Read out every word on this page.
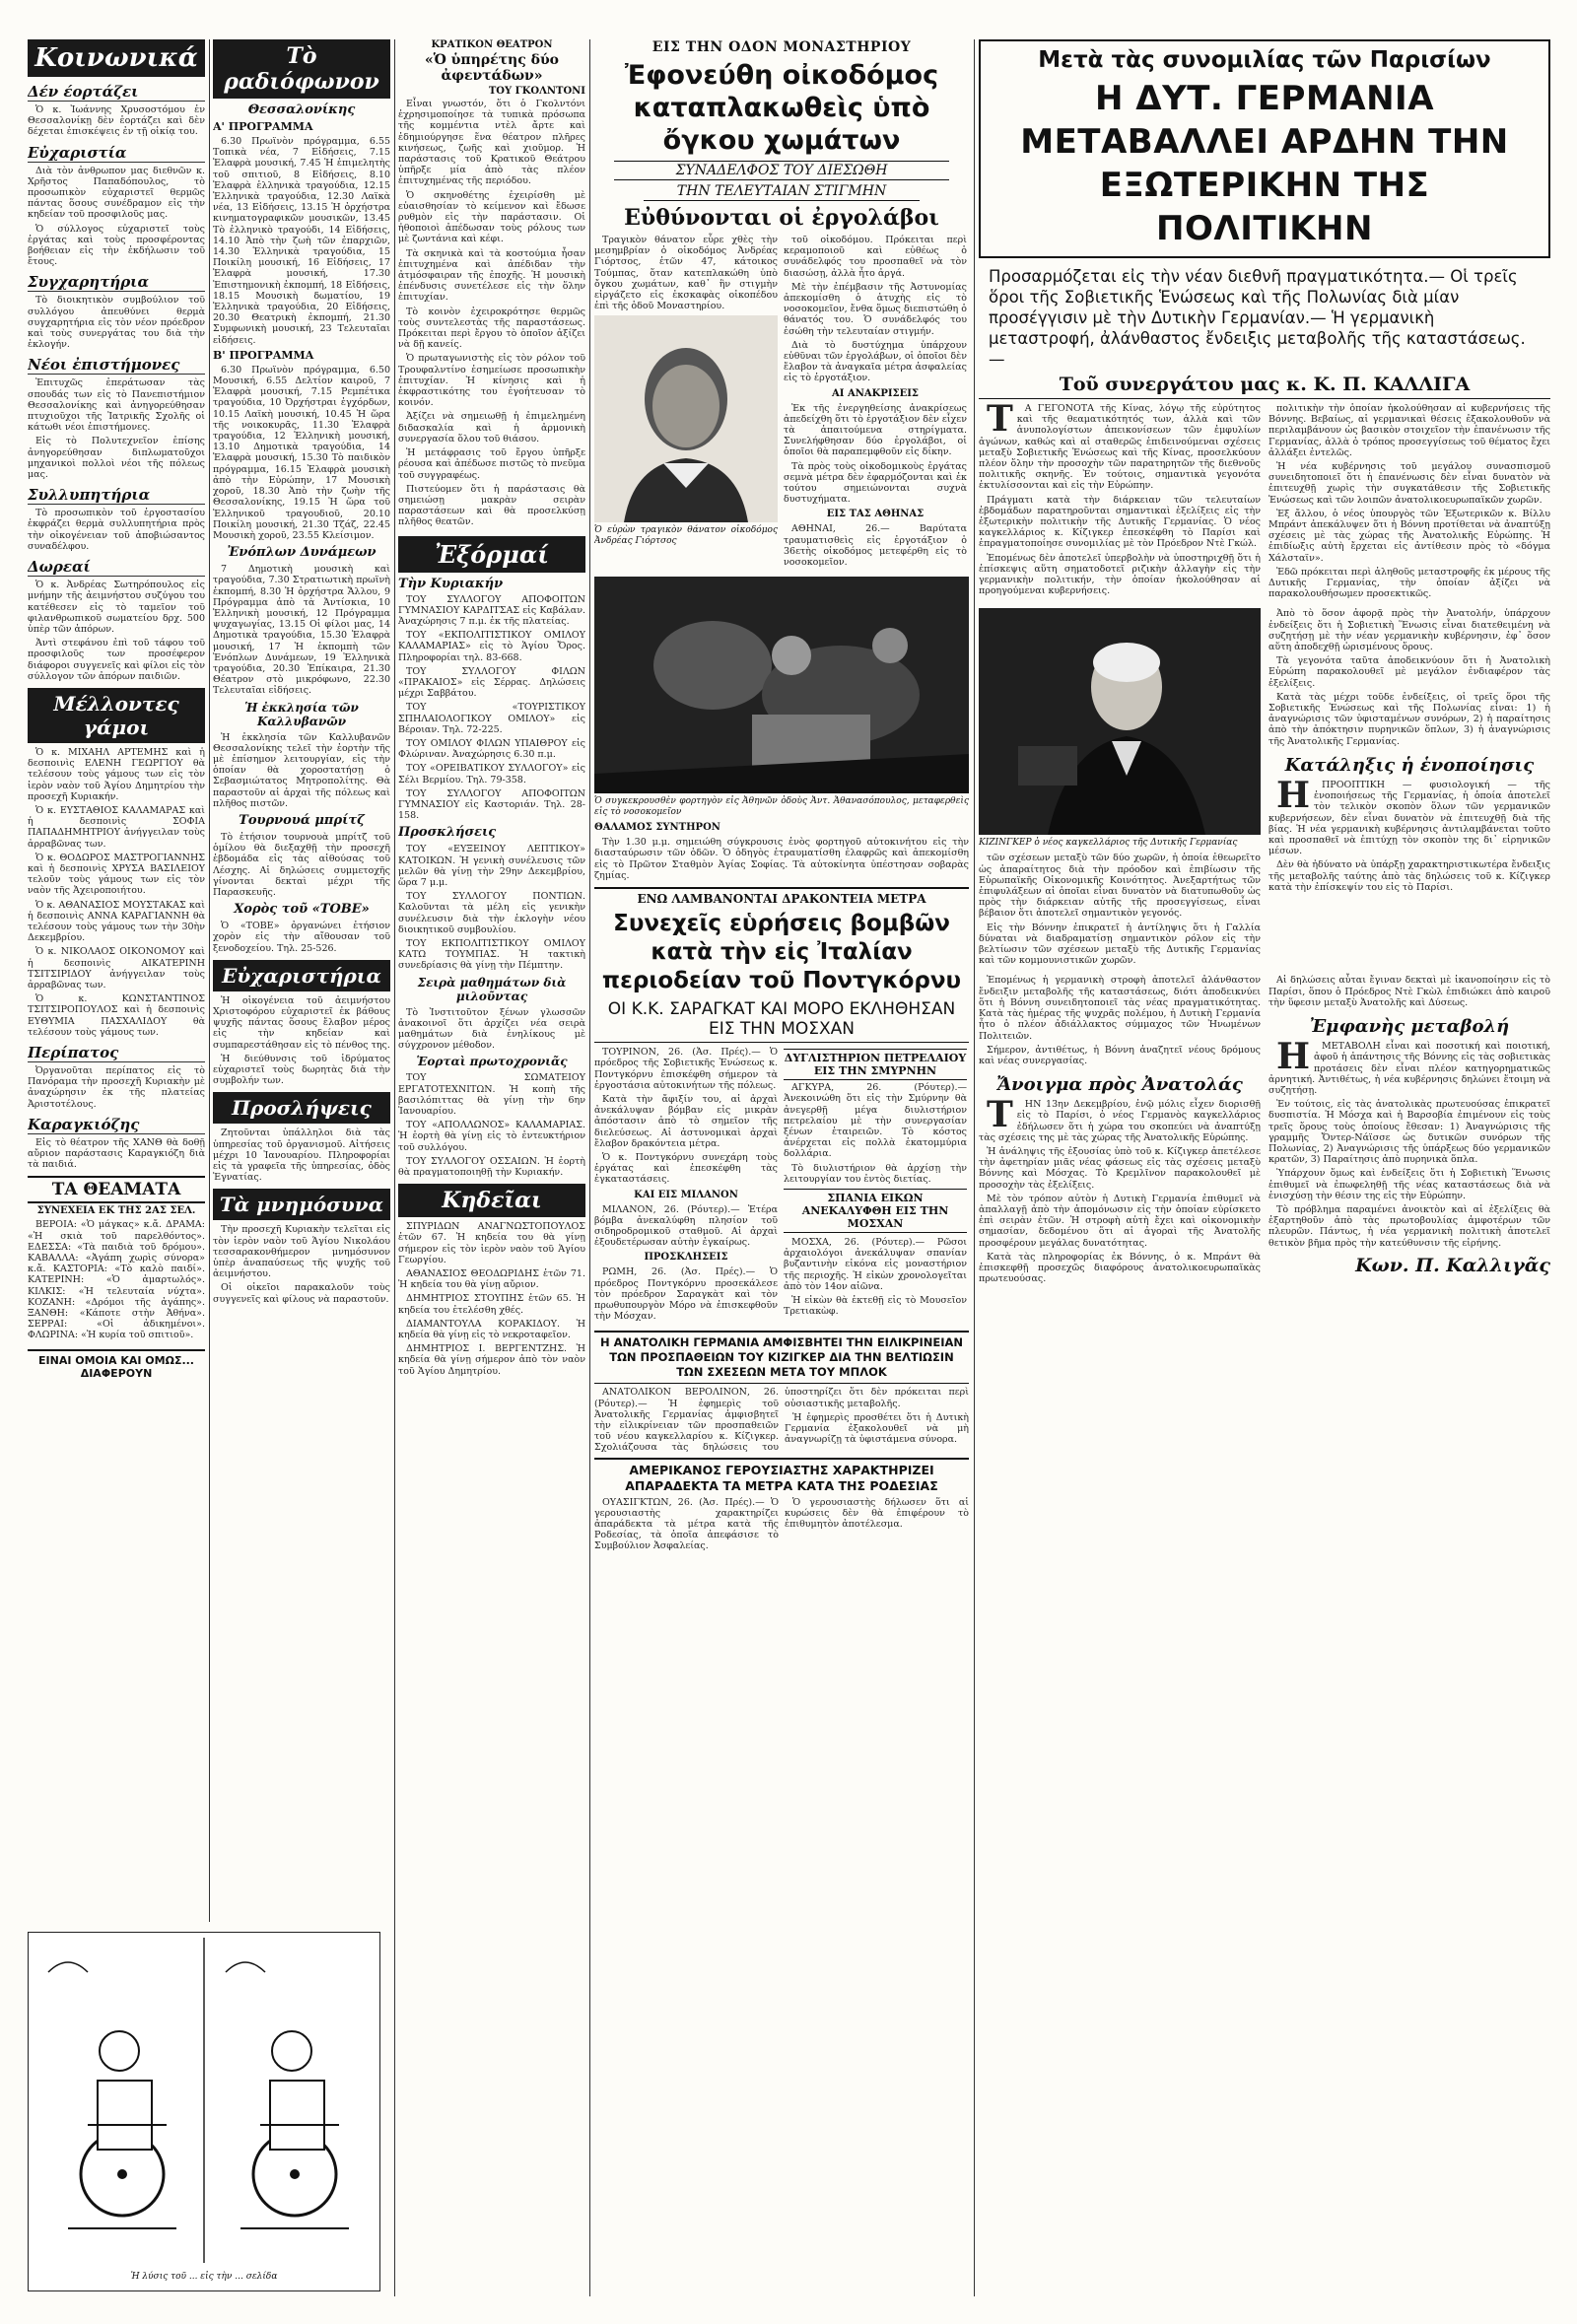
Κοινωνικά
Δέν έορτάζει

Ὁ κ. Ἰωάννης Χρυσοστόμου ἐν Θεσσαλονίκῃ δὲν ἑορτάζει καὶ δὲν δέχεται ἐπισκέψεις ἐν τῇ οἰκίᾳ του.

Εὐχαριστία

Διὰ τὸν ἀνθρωπον μας διεθνῶν κ. Χρῆστος Παπαδόπουλος, τὸ προσωπικὸν εὐχαριστεῖ θερμῶς πάντας ὅσους συνέδραμον εἰς τὴν κηδείαν τοῦ προσφιλοῦς μας.

Ὁ σύλλογος εὐχαριστεῖ τοὺς ἐργάτας καὶ τοὺς προσφέροντας βοήθειαν εἰς τὴν ἐκδήλωσιν τοῦ ἔτους.

Συγχαρητήρια

Τὸ διοικητικὸν συμβούλιον τοῦ συλλόγου ἀπευθύνει θερμὰ συγχαρητήρια εἰς τὸν νέον πρόεδρον καὶ τοὺς συνεργάτας του διὰ τὴν ἐκλογήν.

Νέοι ἐπιστήμονες

Ἐπιτυχῶς ἐπεράτωσαν τὰς σπουδάς των εἰς τὸ Πανεπιστήμιον Θεσσαλονίκης καὶ ἀνηγορεύθησαν πτυχιοῦχοι τῆς Ἰατρικῆς Σχολῆς οἱ κάτωθι νέοι ἐπιστήμονες.

Εἰς τὸ Πολυτεχνεῖον ἐπίσης ἀνηγορεύθησαν διπλωματοῦχοι μηχανικοὶ πολλοὶ νέοι τῆς πόλεως μας.

Συλλυπητήρια

Τὸ προσωπικὸν τοῦ ἐργοστασίου ἐκφράζει θερμὰ συλλυπητήρια πρὸς τὴν οἰκογένειαν τοῦ ἀποβιώσαντος συναδέλφου.

Δωρεαί

Ὁ κ. Ἀνδρέας Σωτηρόπουλος εἰς μνήμην τῆς ἀειμνήστου συζύγου του κατέθεσεν εἰς τὸ ταμεῖον τοῦ φιλανθρωπικοῦ σωματείου δρχ. 500 ὑπὲρ τῶν ἀπόρων.

Ἀντὶ στεφάνου ἐπὶ τοῦ τάφου τοῦ προσφιλοῦς των προσέφερον διάφοροι συγγενεῖς καὶ φίλοι εἰς τὸν σύλλογον τῶν ἀπόρων παιδιῶν.

Μέλλοντες γάμοι

Ὁ κ. ΜΙΧΑΗΛ ΑΡΤΕΜΗΣ καὶ ἡ δεσποινὶς ΕΛΕΝΗ ΓΕΩΡΓΙΟΥ θὰ τελέσουν τοὺς γάμους των εἰς τὸν ἱερὸν ναὸν τοῦ Ἁγίου Δημητρίου τὴν προσεχῆ Κυριακήν.

Ὁ κ. ΕΥΣΤΑΘΙΟΣ ΚΑΛΑΜΑΡΑΣ καὶ ἡ δεσποινὶς ΣΟΦΙΑ ΠΑΠΑΔΗΜΗΤΡΙΟΥ ἀνήγγειλαν τοὺς ἀρραβῶνας των.

Ὁ κ. ΘΟΔΩΡΟΣ ΜΑΣΤΡΟΓΙΑΝΝΗΣ καὶ ἡ δεσποινὶς ΧΡΥΣΑ ΒΑΣΙΛΕΙΟΥ τελοῦν τοὺς γάμους των εἰς τὸν ναὸν τῆς Ἀχειροποιήτου.

Ὁ κ. ΑΘΑΝΑΣΙΟΣ ΜΟΥΣΤΑΚΑΣ καὶ ἡ δεσποινὶς ΑΝΝΑ ΚΑΡΑΓΙΑΝΝΗ θὰ τελέσουν τοὺς γάμους των τὴν 30ὴν Δεκεμβρίου.

Ὁ κ. ΝΙΚΟΛΑΟΣ ΟΙΚΟΝΟΜΟΥ καὶ ἡ δεσποινὶς ΑΙΚΑΤΕΡΙΝΗ ΤΣΙΤΣΙΡΙΔΟΥ ἀνήγγειλαν τοὺς ἀρραβῶνας των.

Ὁ κ. ΚΩΝΣΤΑΝΤΙΝΟΣ ΤΣΙΤΣΙΡΟΠΟΥΛΟΣ καὶ ἡ δεσποινὶς ΕΥΘΥΜΙΑ ΠΑΣΧΑΛΙΔΟΥ θὰ τελέσουν τοὺς γάμους των.

Περίπατος

Ὀργανοῦται περίπατος εἰς τὸ Πανόραμα τὴν προσεχῆ Κυριακὴν μὲ ἀναχώρησιν ἐκ τῆς πλατείας Ἀριστοτέλους.

Καραγκιόζης

Εἰς τὸ θέατρον τῆς ΧΑΝΘ θὰ δοθῇ αὔριον παράστασις Καραγκιόζη διὰ τὰ παιδιά.

ΤΑ ΘΕΑΜΑΤΑ
ΣΥΝΕΧΕΙΑ ΕΚ ΤΗΣ 2ΑΣ ΣΕΛ.

ΒΕΡΟΙΑ: «Ὁ μάγκας» κ.ἄ. ΔΡΑΜΑ: «Ἡ σκιὰ τοῦ παρελθόντος». ΕΔΕΣΣΑ: «Τὰ παιδιὰ τοῦ δρόμου». ΚΑΒΑΛΛΑ: «Ἀγάπη χωρὶς σύνορα» κ.ἄ. ΚΑΣΤΟΡΙΑ: «Τὸ καλὸ παιδί». ΚΑΤΕΡΙΝΗ: «Ὁ ἀμαρτωλός». ΚΙΛΚΙΣ: «Ἡ τελευταία νύχτα». ΚΟΖΑΝΗ: «Δρόμοι τῆς ἀγάπης». ΞΑΝΘΗ: «Κάποτε στὴν Ἀθήνα». ΣΕΡΡΑΙ: «Οἱ ἀδικημένοι». ΦΛΩΡΙΝΑ: «Ἡ κυρία τοῦ σπιτιοῦ».

ΕΙΝΑΙ ΟΜΟΙΑ ΚΑΙ ΟΜΩΣ... ΔΙΑΦΕΡΟΥΝ
Ἡ λύσις τοῦ ... εἰς τὴν ... σελίδα
Τὸ ραδιόφωνον
Θεσσαλονίκης
Α' ΠΡΟΓΡΑΜΜΑ

6.30 Πρωϊνὸν πρόγραμμα, 6.55 Τοπικὰ νέα, 7 Εἰδήσεις, 7.15 Ἑλαφρὰ μουσική, 7.45 Ἡ ἐπιμελητὴς τοῦ σπιτιοῦ, 8 Εἰδήσεις, 8.10 Ἑλαφρὰ ἑλληνικὰ τραγούδια, 12.15 Ἑλληνικὰ τραγούδια, 12.30 Λαϊκὰ νέα, 13 Εἰδήσεις, 13.15 Ἡ ὀρχήστρα κινηματογραφικῶν μουσικῶν, 13.45 Τὸ ἑλληνικὸ τραγούδι, 14 Εἰδήσεις, 14.10 Ἀπὸ τὴν ζωὴ τῶν ἐπαρχιῶν, 14.30 Ἑλληνικὰ τραγούδια, 15 Ποικίλη μουσική, 16 Εἰδήσεις, 17 Ἑλαφρὰ μουσική, 17.30 Ἐπιστημονικὴ ἐκπομπή, 18 Εἰδήσεις, 18.15 Μουσικὴ δωματίου, 19 Ἑλληνικὰ τραγούδια, 20 Εἰδήσεις, 20.30 Θεατρικὴ ἐκπομπή, 21.30 Συμφωνικὴ μουσική, 23 Τελευταῖαι εἰδήσεις.

Β' ΠΡΟΓΡΑΜΜΑ

6.30 Πρωϊνὸν πρόγραμμα, 6.50 Μουσική, 6.55 Δελτίον καιροῦ, 7 Ἑλαφρὰ μουσική, 7.15 Ρεμπέτικα τραγούδια, 10 Ὀρχήστραι ἐγχόρδων, 10.15 Λαϊκὴ μουσική, 10.45 Ἡ ὥρα τῆς νοικοκυρᾶς, 11.30 Ἑλαφρὰ τραγούδια, 12 Ἑλληνικὴ μουσική, 13.10 Δημοτικὰ τραγούδια, 14 Ἑλαφρὰ μουσική, 15.30 Τὸ παιδικὸν πρόγραμμα, 16.15 Ἐλαφρὰ μουσικὴ ἀπὸ τὴν Εὐρώπην, 17 Μουσικὴ χοροῦ, 18.30 Ἀπὸ τὴν ζωὴν τῆς Θεσσαλονίκης, 19.15 Ἡ ὥρα τοῦ Ἐλληνικοῦ τραγουδιοῦ, 20.10 Ποικίλη μουσική, 21.30 Τζάζ, 22.45 Μουσικὴ χοροῦ, 23.55 Κλείσιμον.

Ἐνόπλων Δυνάμεων

7 Δημοτικὴ μουσικὴ καὶ τραγούδια, 7.30 Στρατιωτικὴ πρωϊνὴ ἐκπομπή, 8.30 Ἡ ὀρχήστρα Ἄλλου, 9 Πρόγραμμα ἀπὸ τὰ Ἀντίσκια, 10 Ἑλληνικὴ μουσική, 12 Πρόγραμμα ψυχαγωγίας, 13.15 Οἱ φίλοι μας, 14 Δημοτικὰ τραγούδια, 15.30 Ἑλαφρὰ μουσική, 17 Ἡ ἐκπομπὴ τῶν Ἐνόπλων Δυνάμεων, 19 Ἐλληνικὰ τραγούδια, 20.30 Ἐπίκαιρα, 21.30 Θέατρον στὸ μικρόφωνο, 22.30 Τελευταῖαι εἰδήσεις.

Ἡ ἐκκλησία τῶν Καλλυβανῶν

Ἡ ἐκκλησία τῶν Καλλυβανῶν Θεσσαλονίκης τελεῖ τὴν ἑορτὴν τῆς μὲ ἐπίσημον λειτουργίαν, εἰς τὴν ὁποίαν θὰ χοροστατήσῃ ὁ Σεβασμιώτατος Μητροπολίτης. Θὰ παραστοῦν αἱ ἀρχαὶ τῆς πόλεως καὶ πλῆθος πιστῶν.

Τουρνουά μπρίτζ

Τὸ ἐτήσιον τουρνουὰ μπρίτζ τοῦ ὁμίλου θὰ διεξαχθῇ τὴν προσεχῆ ἑβδομάδα εἰς τὰς αἰθούσας τοῦ Λέσχης. Αἱ δηλώσεις συμμετοχῆς γίνονται δεκταὶ μέχρι τῆς Παρασκευῆς.

Χορὸς τοῦ «ΤΟΒΕ»

Ὁ «ΤΟΒΕ» ὀργανώνει ἐτήσιον χορὸν εἰς τὴν αἴθουσαν τοῦ ξενοδοχείου. Τηλ. 25-526.

Εὐχαριστήρια

Ἡ οἰκογένεια τοῦ ἀειμνήστου Χριστοφόρου εὐχαριστεῖ ἐκ βάθους ψυχῆς πάντας ὅσους ἔλαβον μέρος εἰς τὴν κηδείαν καὶ συμπαρεστάθησαν εἰς τὸ πένθος της.

Ἡ διεύθυνσις τοῦ ἱδρύματος εὐχαριστεῖ τοὺς δωρητὰς διὰ τὴν συμβολήν των.

Προσλήψεις

Ζητοῦνται ὑπάλληλοι διὰ τὰς ὑπηρεσίας τοῦ ὀργανισμοῦ. Αἰτήσεις μέχρι 10 Ἰανουαρίου. Πληροφορίαι εἰς τὰ γραφεῖα τῆς ὑπηρεσίας, ὁδὸς Ἐγνατίας.

Τὰ μνημόσυνα

Τὴν προσεχῆ Κυριακὴν τελεῖται εἰς τὸν ἱερὸν ναὸν τοῦ Ἁγίου Νικολάου τεσσαρακονθήμερον μνημόσυνον ὑπὲρ ἀναπαύσεως τῆς ψυχῆς τοῦ ἀειμνήστου.

Οἱ οἰκεῖοι παρακαλοῦν τοὺς συγγενεῖς καὶ φίλους νὰ παραστοῦν.

ΚΡΑΤΙΚΟΝ ΘΕΑΤΡΟΝ
«Ὁ ὑπηρέτης δύο ἀφεντάδων»
ΤΟΥ ΓΚΟΛΝΤΟΝΙ

Εἶναι γνωστόν, ὅτι ὁ Γκολντόνι ἐχρησιμοποίησε τὰ τυπικὰ πρόσωπα τῆς κομμέντια ντὲλ ἄρτε καὶ ἐδημιούργησε ἕνα θέατρον πλῆρες κινήσεως, ζωῆς καὶ χιοῦμορ. Ἡ παράστασις τοῦ Κρατικοῦ Θεάτρου ὑπῆρξε μία ἀπὸ τὰς πλέον ἐπιτυχημένας τῆς περιόδου.

Ὁ σκηνοθέτης ἐχειρίσθη μὲ εὐαισθησίαν τὸ κείμενον καὶ ἔδωσε ρυθμὸν εἰς τὴν παράστασιν. Οἱ ἠθοποιοὶ ἀπέδωσαν τοὺς ρόλους των μὲ ζωντάνια καὶ κέφι.

Τὰ σκηνικὰ καὶ τὰ κοστούμια ἦσαν ἐπιτυχημένα καὶ ἀπέδιδαν τὴν ἀτμόσφαιραν τῆς ἐποχῆς. Ἡ μουσικὴ ἐπένδυσις συνετέλεσε εἰς τὴν ὅλην ἐπιτυχίαν.

Τὸ κοινὸν ἐχειροκρότησε θερμῶς τοὺς συντελεστὰς τῆς παραστάσεως. Πρόκειται περὶ ἔργου τὸ ὁποῖον ἀξίζει νὰ δῇ κανείς.

Ὁ πρωταγωνιστὴς εἰς τὸν ρόλον τοῦ Τρουφαλντίνο ἐσημείωσε προσωπικὴν ἐπιτυχίαν. Ἡ κίνησις καὶ ἡ ἐκφραστικότης του ἐγοήτευσαν τὸ κοινόν.

Ἀξίζει νὰ σημειωθῇ ἡ ἐπιμελημένη διδασκαλία καὶ ἡ ἀρμονικὴ συνεργασία ὅλου τοῦ θιάσου.

Ἡ μετάφρασις τοῦ ἔργου ὑπῆρξε ρέουσα καὶ ἀπέδωσε πιστῶς τὸ πνεῦμα τοῦ συγγραφέως.

Πιστεύομεν ὅτι ἡ παράστασις θὰ σημειώσῃ μακρὰν σειρὰν παραστάσεων καὶ θὰ προσελκύσῃ πλῆθος θεατῶν.

Ἐξόρμαί
Τὴν Κυριακήν

ΤΟΥ ΣΥΛΛΟΓΟΥ ΑΠΟΦΟΙΤΩΝ ΓΥΜΝΑΣΙΟΥ ΚΑΡΔΙΤΣΑΣ εἰς Καβάλαν. Ἀναχώρησις 7 π.μ. ἐκ τῆς πλατείας.

ΤΟΥ «ΕΚΠΟΛΙΤΙΣΤΙΚΟΥ ΟΜΙΛΟΥ ΚΑΛΑΜΑΡΙΑΣ» εἰς τὸ Ἁγίου Ὄρος. Πληροφορίαι τηλ. 83-668.

ΤΟΥ ΣΥΛΛΟΓΟΥ ΦΙΛΩΝ «ΠΡΑΚΑΙΟΣ» εἰς Σέρρας. Δηλώσεις μέχρι Σαββάτου.

ΤΟΥ «ΤΟΥΡΙΣΤΙΚΟΥ ΣΠΗΛΑΙΟΛΟΓΙΚΟΥ ΟΜΙΛΟΥ» εἰς Βέροιαν. Τηλ. 72-225.

ΤΟΥ ΟΜΙΛΟΥ ΦΙΛΩΝ ΥΠΑΙΘΡΟΥ εἰς Φλώριναν. Ἀναχώρησις 6.30 π.μ.

ΤΟΥ «ΟΡΕΙΒΑΤΙΚΟΥ ΣΥΛΛΟΓΟΥ» εἰς Σέλι Βερμίου. Τηλ. 79-358.

ΤΟΥ ΣΥΛΛΟΓΟΥ ΑΠΟΦΟΙΤΩΝ ΓΥΜΝΑΣΙΟΥ εἰς Καστοριάν. Τηλ. 28-158.

Προσκλήσεις

ΤΟΥ «ΕΥΞΕΙΝΟΥ ΛΕΠΤΙΚΟΥ» ΚΑΤΟΙΚΩΝ. Ἡ γενικὴ συνέλευσις τῶν μελῶν θὰ γίνῃ τὴν 29ην Δεκεμβρίου, ὥρα 7 μ.μ.

ΤΟΥ ΣΥΛΛΟΓΟΥ ΠΟΝΤΙΩΝ. Καλοῦνται τὰ μέλη εἰς γενικὴν συνέλευσιν διὰ τὴν ἐκλογὴν νέου διοικητικοῦ συμβουλίου.

ΤΟΥ ΕΚΠΟΛΙΤΙΣΤΙΚΟΥ ΟΜΙΛΟΥ ΚΑΤΩ ΤΟΥΜΠΑΣ. Ἡ τακτικὴ συνεδρίασις θὰ γίνῃ τὴν Πέμπτην.

Σειρὰ μαθημάτων διὰ μιλοῦντας

Τὸ Ἰνστιτοῦτον ξένων γλωσσῶν ἀνακοινοῖ ὅτι ἀρχίζει νέα σειρὰ μαθημάτων διὰ ἐνηλίκους μὲ σύγχρονον μέθοδον.

Ἑορταὶ πρωτοχρονιᾶς

ΤΟΥ ΣΩΜΑΤΕΙΟΥ ΕΡΓΑΤΟΤΕΧΝΙΤΩΝ. Ἡ κοπὴ τῆς βασιλόπιττας θὰ γίνῃ τὴν 6ην Ἰανουαρίου.

ΤΟΥ «ΑΠΟΛΛΩΝΟΣ» ΚΑΛΑΜΑΡΙΑΣ. Ἡ ἑορτὴ θὰ γίνῃ εἰς τὸ ἐντευκτήριον τοῦ συλλόγου.

ΤΟΥ ΣΥΛΛΟΓΟΥ ΟΣΣΑΙΩΝ. Ἡ ἑορτὴ θὰ πραγματοποιηθῇ τὴν Κυριακήν.

Κηδεῖαι

ΣΠΥΡΙΔΩΝ ΑΝΑΓΝΩΣΤΟΠΟΥΛΟΣ ἐτῶν 67. Ἡ κηδεία του θὰ γίνῃ σήμερον εἰς τὸν ἱερὸν ναὸν τοῦ Ἁγίου Γεωργίου.

ΑΘΑΝΑΣΙΟΣ ΘΕΟΔΩΡΙΔΗΣ ἐτῶν 71. Ἡ κηδεία του θὰ γίνῃ αὔριον.

ΔΗΜΗΤΡΙΟΣ ΣΤΟΥΠΗΣ ἐτῶν 65. Ἡ κηδεία του ἐτελέσθη χθές.

ΔΙΑΜΑΝΤΟΥΛΑ ΚΟΡΑΚΙΔΟΥ. Ἡ κηδεία θὰ γίνῃ εἰς τὸ νεκροταφεῖον.

ΔΗΜΗΤΡΙΟΣ Ι. ΒΕΡΓΕΝΤΖΗΣ. Ἡ κηδεία θὰ γίνῃ σήμερον ἀπὸ τὸν ναὸν τοῦ Ἁγίου Δημητρίου.

ΕΙΣ ΤΗΝ ΟΔΟΝ ΜΟΝΑΣΤΗΡΙΟΥ
Ἐφονεύθη οἰκοδόμος καταπλακωθεὶς ὑπὸ ὄγκου χωμάτων
ΣΥΝΑΔΕΛΦΟΣ ΤΟΥ ΔΙΕΣΩΘΗ
ΤΗΝ ΤΕΛΕΥΤΑΙΑΝ ΣΤΙΓΜΗΝ
Εὐθύνονται οἱ ἐργολάβοι

Τραγικὸν θάνατον εὗρε χθὲς τὴν μεσημβρίαν ὁ οἰκοδόμος Ἀνδρέας Γιόρτσος, ἐτῶν 47, κάτοικος Τούμπας, ὅταν κατεπλακώθη ὑπὸ ὄγκου χωμάτων, καθ᾽ ἣν στιγμὴν εἰργάζετο εἰς ἐκσκαφὰς οἰκοπέδου ἐπὶ τῆς ὁδοῦ Μοναστηρίου.

Ὁ εὑρὼν τραγικὸν θάνατον οἰκοδόμος Ἀνδρέας Γιόρτσος

τοῦ οἰκοδόμου. Πρόκειται περὶ κεραμοποιοῦ καὶ εὐθέως ὁ συνάδελφός του προσπαθεῖ νὰ τὸν διασώσῃ, ἀλλὰ ἦτο ἀργά.

Μὲ τὴν ἐπέμβασιν τῆς Ἀστυνομίας ἀπεκομίσθη ὁ ἀτυχὴς εἰς τὸ νοσοκομεῖον, ἔνθα ὅμως διεπιστώθη ὁ θάνατός του. Ὁ συνάδελφός του ἐσώθη τὴν τελευταίαν στιγμήν.

Διὰ τὸ δυστύχημα ὑπάρχουν εὐθῦναι τῶν ἐργολάβων, οἱ ὁποῖοι δὲν ἔλαβον τὰ ἀναγκαῖα μέτρα ἀσφαλείας εἰς τὸ ἐργοτάξιον.

ΑΙ ΑΝΑΚΡΙΣΕΙΣ

Ἐκ τῆς ἐνεργηθείσης ἀνακρίσεως ἀπεδείχθη ὅτι τὸ ἐργοτάξιον δὲν εἶχεν τὰ ἀπαιτούμενα στηρίγματα. Συνελήφθησαν δύο ἐργολάβοι, οἱ ὁποῖοι θὰ παραπεμφθοῦν εἰς δίκην.

Τὰ πρὸς τοὺς οἰκοδομικοὺς ἐργάτας σεμνὰ μέτρα δὲν ἐφαρμόζονται καὶ ἐκ τούτου σημειώνονται συχνὰ δυστυχήματα.

ΕΙΣ ΤΑΣ ΑΘΗΝΑΣ

ΑΘΗΝΑΙ, 26.— Βαρύτατα τραυματισθεὶς εἰς ἐργοτάξιον ὁ 36ετὴς οἰκοδόμος μετεφέρθη εἰς τὸ νοσοκομεῖον.

Ὁ συγκεκρουσθὲν φορτηγὸν εἰς Ἀθηνῶν ὁδοὺς Ἀντ. Ἀθανασόπουλος, μεταφερθεὶς εἰς τὸ νοσοκομεῖον
ΘΑΛΑΜΟΣ ΣΥΝΤΗΡΟΝ

Τὴν 1.30 μ.μ. σημειώθη σύγκρουσις ἑνὸς φορτηγοῦ αὐτοκινήτου εἰς τὴν διασταύρωσιν τῶν ὁδῶν. Ὁ ὁδηγὸς ἐτραυματίσθη ἐλαφρῶς καὶ ἀπεκομίσθη εἰς τὸ Πρῶτον Σταθμὸν Ἀγίας Σοφίας. Τὰ αὐτοκίνητα ὑπέστησαν σοβαρὰς ζημίας.

ΕΝΩ ΛΑΜΒΑΝΟΝΤΑΙ ΔΡΑΚΟΝΤΕΙΑ ΜΕΤΡΑ
Συνεχεῖς εὑρήσεις βομβῶν κατὰ τὴν εἰς Ἰταλίαν περιοδείαν τοῦ Ποντγκόρνυ
ΟΙ Κ.Κ. ΣΑΡΑΓΚΑΤ ΚΑΙ ΜΟΡΟ ΕΚΛΗΘΗΣΑΝ ΕΙΣ ΤΗΝ ΜΟΣΧΑΝ

ΤΟΥΡΙΝΟΝ, 26. (Ἀσ. Πρές).— Ὁ πρόεδρος τῆς Σοβιετικῆς Ἑνώσεως κ. Ποντγκόρνυ ἐπισκέφθη σήμερον τὰ ἐργοστάσια αὐτοκινήτων τῆς πόλεως.

Κατὰ τὴν ἄφιξίν του, αἱ ἀρχαὶ ἀνεκάλυψαν βόμβαν εἰς μικρὰν ἀπόστασιν ἀπὸ τὸ σημεῖον τῆς διελεύσεως. Αἱ ἀστυνομικαὶ ἀρχαὶ ἔλαβον δρακόντεια μέτρα.

Ὁ κ. Ποντγκόρνυ συνεχάρη τοὺς ἐργάτας καὶ ἐπεσκέφθη τὰς ἐγκαταστάσεις.

ΚΑΙ ΕΙΣ ΜΙΛΑΝΟΝ

ΜΙΛΑΝΟΝ, 26. (Ρόυτερ).— Ἑτέρα βόμβα ἀνεκαλύφθη πλησίον τοῦ σιδηροδρομικοῦ σταθμοῦ. Αἱ ἀρχαὶ ἐξουδετέρωσαν αὐτὴν ἐγκαίρως.

ΠΡΟΣΚΛΗΣΕΙΣ

ΡΩΜΗ, 26. (Ἀσ. Πρές).— Ὁ πρόεδρος Ποντγκόρνυ προσεκάλεσε τὸν πρόεδρον Σαραγκὰτ καὶ τὸν πρωθυπουργὸν Μόρο νὰ ἐπισκεφθοῦν τὴν Μόσχαν.

ΔΥΓΛΙΣΤΗΡΙΟΝ ΠΕΤΡΕΛΑΙΟΥ ΕΙΣ ΤΗΝ ΣΜΥΡΝΗΝ

ΑΓΚΥΡΑ, 26. (Ρόυτερ).— Ἀνεκοινώθη ὅτι εἰς τὴν Σμύρνην θὰ ἀνεγερθῇ μέγα διυλιστήριον πετρελαίου μὲ τὴν συνεργασίαν ξένων ἑταιρειῶν. Τὸ κόστος ἀνέρχεται εἰς πολλὰ ἑκατομμύρια δολλάρια.

Τὸ διυλιστήριον θὰ ἀρχίσῃ τὴν λειτουργίαν του ἐντὸς διετίας.

ΣΠΑΝΙΑ ΕΙΚΩΝ ΑΝΕΚΑΛΥΦΘΗ ΕΙΣ ΤΗΝ ΜΟΣΧΑΝ

ΜΟΣΧΑ, 26. (Ρόυτερ).— Ρῶσοι ἀρχαιολόγοι ἀνεκάλυψαν σπανίαν βυζαντινὴν εἰκόνα εἰς μοναστήριον τῆς περιοχῆς. Ἡ εἰκὼν χρονολογεῖται ἀπὸ τὸν 14ον αἰῶνα.

Ἡ εἰκὼν θὰ ἐκτεθῇ εἰς τὸ Μουσεῖον Τρετιακὼφ.

Η ΑΝΑΤΟΛΙΚΗ ΓΕΡΜΑΝΙΑ ΑΜΦΙΣΒΗΤΕΙ ΤΗΝ ΕΙΛΙΚΡΙΝΕΙΑΝ ΤΩΝ ΠΡΟΣΠΑΘΕΙΩΝ ΤΟΥ ΚΙΖΙΓΚΕΡ ΔΙΑ ΤΗΝ ΒΕΛΤΙΩΣΙΝ ΤΩΝ ΣΧΕΣΕΩΝ ΜΕΤΑ ΤΟΥ ΜΠΛΟΚ

ΑΝΑΤΟΛΙΚΟΝ ΒΕΡΟΛΙΝΟΝ, 26. (Ρόυτερ).— Ἡ ἐφημερὶς τοῦ Ἀνατολικῆς Γερμανίας ἀμφισβητεῖ τὴν εἰλικρίνειαν τῶν προσπαθειῶν τοῦ νέου καγκελλαρίου κ. Κίζιγκερ. Σχολιάζουσα τὰς δηλώσεις του ὑποστηρίζει ὅτι δὲν πρόκειται περὶ οὐσιαστικῆς μεταβολῆς.

Ἡ ἐφημερὶς προσθέτει ὅτι ἡ Δυτικὴ Γερμανία ἐξακολουθεῖ νὰ μὴ ἀναγνωρίζῃ τὰ ὑφιστάμενα σύνορα.

ΑΜΕΡΙΚΑΝΟΣ ΓΕΡΟΥΣΙΑΣΤΗΣ ΧΑΡΑΚΤΗΡΙΖΕΙ ΑΠΑΡΑΔΕΚΤΑ ΤΑ ΜΕΤΡΑ ΚΑΤΑ ΤΗΣ ΡΟΔΕΣΙΑΣ

ΟΥΑΣΙΓΚΤΩΝ, 26. (Ἀσ. Πρές).— Ὁ γερουσιαστὴς χαρακτηρίζει ἀπαράδεκτα τὰ μέτρα κατὰ τῆς Ροδεσίας, τὰ ὁποῖα ἀπεφάσισε τὸ Συμβούλιον Ἀσφαλείας.

Ὁ γερουσιαστὴς δήλωσεν ὅτι αἱ κυρώσεις δὲν θὰ ἐπιφέρουν τὸ ἐπιθυμητὸν ἀποτέλεσμα.

Μετὰ τὰς συνομιλίας τῶν Παρισίων
Η ΔΥΤ. ΓΕΡΜΑΝΙΑ ΜΕΤΑΒΑΛΛΕΙ ΑΡΔΗΝ ΤΗΝ ΕΞΩΤΕΡΙΚΗΝ ΤΗΣ ΠΟΛΙΤΙΚΗΝ
Προσαρμόζεται εἰς τὴν νέαν διεθνῆ πραγματικότητα.— Οἱ τρεῖς ὅροι τῆς Σοβιετικῆς Ἑνώσεως καὶ τῆς Πολωνίας διὰ μίαν προσέγγισιν μὲ τὴν Δυτικὴν Γερμανίαν.— Ἡ γερμανικὴ μεταστροφή, ἀλάνθαστος ἔνδειξις μεταβολῆς τῆς καταστάσεως.—
Τοῦ συνεργάτου μας κ. Κ. Π. ΚΑΛΛΙΓΑ

Τ Α ΓΕΓΟΝΟΤΑ τῆς Κίνας, λόγῳ τῆς εὐρύτητος καὶ τῆς θεαματικότητός των, ἀλλὰ καὶ τῶν ἀνυπολογίστων ἀπεικονίσεων τῶν ἐμφυλίων ἀγώνων, καθώς καὶ αἱ σταθερῶς ἐπιδεινούμεναι σχέσεις μεταξὺ Σοβιετικῆς Ἑνώσεως καὶ τῆς Κίνας, προσελκύουν πλέον ὅλην τὴν προσοχὴν τῶν παρατηρητῶν τῆς διεθνοῦς πολιτικῆς σκηνῆς. Ἐν τούτοις, σημαντικὰ γεγονότα ἐκτυλίσσονται καὶ εἰς τὴν Εὐρώπην.

Πράγματι κατὰ τὴν διάρκειαν τῶν τελευταίων ἑβδομάδων παρατηροῦνται σημαντικαὶ ἐξελίξεις εἰς τὴν ἐξωτερικὴν πολιτικὴν τῆς Δυτικῆς Γερμανίας. Ὁ νέος καγκελλάριος κ. Κίζιγκερ ἐπεσκέφθη τὸ Παρίσι καὶ ἐπραγματοποίησε συνομιλίας μὲ τὸν Πρόεδρον Ντὲ Γκώλ.

Ἐπομένως δὲν ἀποτελεῖ ὑπερβολὴν νὰ ὑποστηριχθῇ ὅτι ἡ ἐπίσκεψις αὕτη σηματοδοτεῖ ριζικὴν ἀλλαγὴν εἰς τὴν γερμανικὴν πολιτικήν, τὴν ὁποίαν ἡκολούθησαν αἱ προηγούμεναι κυβερνήσεις.

πολιτικὴν τὴν ὁποίαν ἠκολούθησαν αἱ κυβερνήσεις τῆς Βόννης. Βεβαίως, αἱ γερμανικαὶ θέσεις ἐξακολουθοῦν νὰ περιλαμβάνουν ὡς βασικὸν στοιχεῖον τὴν ἐπανένωσιν τῆς Γερμανίας, ἀλλὰ ὁ τρόπος προσεγγίσεως τοῦ θέματος ἔχει ἀλλάξει ἐντελῶς.

Ἡ νέα κυβέρνησις τοῦ μεγάλου συνασπισμοῦ συνειδητοποιεῖ ὅτι ἡ ἐπανένωσις δὲν εἶναι δυνατὸν νὰ ἐπιτευχθῇ χωρὶς τὴν συγκατάθεσιν τῆς Σοβιετικῆς Ἑνώσεως καὶ τῶν λοιπῶν ἀνατολικοευρωπαϊκῶν χωρῶν.

Ἐξ ἄλλου, ὁ νέος ὑπουργὸς τῶν Ἐξωτερικῶν κ. Βίλλυ Μπράντ ἀπεκάλυψεν ὅτι ἡ Βόννη προτίθεται νὰ ἀναπτύξῃ σχέσεις μὲ τὰς χώρας τῆς Ἀνατολικῆς Εὐρώπης. Ἡ ἐπιδίωξις αὐτὴ ἔρχεται εἰς ἀντίθεσιν πρὸς τὸ «δόγμα Χάλσταϊν».

Ἐδῶ πρόκειται περὶ ἀληθοῦς μεταστροφῆς ἐκ μέρους τῆς Δυτικῆς Γερμανίας, τὴν ὁποίαν ἀξίζει νὰ παρακολουθήσωμεν προσεκτικῶς.

ΚΙΖΙΝΓΚΕΡ ὁ νέος καγκελλάριος τῆς Δυτικῆς Γερμανίας

τῶν σχέσεων μεταξὺ τῶν δύο χωρῶν, ἡ ὁποία ἐθεωρεῖτο ὡς ἀπαραίτητος διὰ τὴν πρόοδον καὶ ἐπιβίωσιν τῆς Εὐρωπαϊκῆς Οἰκονομικῆς Κοινότητος. Ἀνεξαρτήτως τῶν ἐπιφυλάξεων αἱ ὁποῖαι εἶναι δυνατὸν νὰ διατυπωθοῦν ὡς πρὸς τὴν διάρκειαν αὐτῆς τῆς προσεγγίσεως, εἶναι βέβαιον ὅτι ἀποτελεῖ σημαντικὸν γεγονός.

Εἰς τὴν Βόννην ἐπικρατεῖ ἡ ἀντίληψις ὅτι ἡ Γαλλία δύναται νὰ διαδραματίσῃ σημαντικὸν ρόλον εἰς τὴν βελτίωσιν τῶν σχέσεων μεταξὺ τῆς Δυτικῆς Γερμανίας καὶ τῶν κομμουνιστικῶν χωρῶν.

Ἀπὸ τὸ ὅσον ἀφορᾷ πρὸς τὴν Ἀνατολήν, ὑπάρχουν ἐνδείξεις ὅτι ἡ Σοβιετικὴ Ἕνωσις εἶναι διατεθειμένη νὰ συζητήσῃ μὲ τὴν νέαν γερμανικὴν κυβέρνησιν, ἐφ᾽ ὅσον αὕτη ἀποδεχθῇ ὡρισμένους ὅρους.

Τὰ γεγονότα ταῦτα ἀποδεικνύουν ὅτι ἡ Ἀνατολικὴ Εὐρώπη παρακολουθεῖ μὲ μεγάλον ἐνδιαφέρον τὰς ἐξελίξεις.

Κατὰ τὰς μέχρι τοῦδε ἐνδείξεις, οἱ τρεῖς ὅροι τῆς Σοβιετικῆς Ἑνώσεως καὶ τῆς Πολωνίας εἶναι: 1) ἡ ἀναγνώρισις τῶν ὑφισταμένων συνόρων, 2) ἡ παραίτησις ἀπὸ τὴν ἀπόκτησιν πυρηνικῶν ὅπλων, 3) ἡ ἀναγνώρισις τῆς Ἀνατολικῆς Γερμανίας.

Κατάληξις ἡ ἑνοποίησις

Η ΠΡΟΟΠΤΙΚΗ — φυσιολογική — τῆς ἑνοποιήσεως τῆς Γερμανίας, ἡ ὁποία ἀποτελεῖ τὸν τελικὸν σκοπὸν ὅλων τῶν γερμανικῶν κυβερνήσεων, δὲν εἶναι δυνατὸν νὰ ἐπιτευχθῇ διὰ τῆς βίας. Ἡ νέα γερμανικὴ κυβέρνησις ἀντιλαμβάνεται τοῦτο καὶ προσπαθεῖ νὰ ἐπιτύχῃ τὸν σκοπὸν της δι᾽ εἰρηνικῶν μέσων.

Δὲν θὰ ἠδύνατο νὰ ὑπάρξῃ χαρακτηριστικωτέρα ἔνδειξις τῆς μεταβολῆς ταύτης ἀπὸ τὰς δηλώσεις τοῦ κ. Κίζιγκερ κατὰ τὴν ἐπίσκεψίν του εἰς τὸ Παρίσι.

Ἐπομένως ἡ γερμανικὴ στροφὴ ἀποτελεῖ ἀλάνθαστον ἔνδειξιν μεταβολῆς τῆς καταστάσεως, διότι ἀποδεικνύει ὅτι ἡ Βόννη συνειδητοποιεῖ τὰς νέας πραγματικότητας. Κατὰ τὰς ἡμέρας τῆς ψυχρᾶς πολέμου, ἡ Δυτικὴ Γερμανία ἦτο ὁ πλέον ἀδιάλλακτος σύμμαχος τῶν Ἡνωμένων Πολιτειῶν.

Σήμερον, ἀντιθέτως, ἡ Βόννη ἀναζητεῖ νέους δρόμους καὶ νέας συνεργασίας.

Ἄνοιγμα πρὸς Ἀνατολάς

Τ ΗΝ 13ην Δεκεμβρίου, ἐνῷ μόλις εἶχεν διορισθῇ εἰς τὸ Παρίσι, ὁ νέος Γερμανὸς καγκελλάριος ἐδήλωσεν ὅτι ἡ χώρα του σκοπεύει νὰ ἀναπτύξῃ τὰς σχέσεις της μὲ τὰς χώρας τῆς Ἀνατολικῆς Εὐρώπης.

Ἡ ἀνάληψις τῆς ἐξουσίας ὑπὸ τοῦ κ. Κίζιγκερ ἀπετέλεσε τὴν ἀφετηρίαν μιᾶς νέας φάσεως εἰς τὰς σχέσεις μεταξὺ Βόννης καὶ Μόσχας. Τὸ Κρεμλῖνον παρακολουθεῖ μὲ προσοχὴν τὰς ἐξελίξεις.

Μὲ τὸν τρόπον αὐτὸν ἡ Δυτικὴ Γερμανία ἐπιθυμεῖ νὰ ἀπαλλαγῇ ἀπὸ τὴν ἀπομόνωσιν εἰς τὴν ὁποίαν εὑρίσκετο ἐπὶ σειρὰν ἐτῶν. Ἡ στροφὴ αὐτὴ ἔχει καὶ οἰκονομικὴν σημασίαν, δεδομένου ὅτι αἱ ἀγοραὶ τῆς Ἀνατολῆς προσφέρουν μεγάλας δυνατότητας.

Κατὰ τὰς πληροφορίας ἐκ Βόννης, ὁ κ. Μπράντ θὰ ἐπισκεφθῇ προσεχῶς διαφόρους ἀνατολικοευρωπαϊκὰς πρωτευούσας.

Αἱ δηλώσεις αὗται ἔγιναν δεκταὶ μὲ ἱκανοποίησιν εἰς τὸ Παρίσι, ὅπου ὁ Πρόεδρος Ντὲ Γκὼλ ἐπιδιώκει ἀπὸ καιροῦ τὴν ὕφεσιν μεταξὺ Ἀνατολῆς καὶ Δύσεως.

Ἐμφανὴς μεταβολή

Η ΜΕΤΑΒΟΛΗ εἶναι καὶ ποσοτική καὶ ποιοτική, ἀφοῦ ἡ ἀπάντησις τῆς Βόννης εἰς τὰς σοβιετικὰς προτάσεις δὲν εἶναι πλέον κατηγορηματικῶς ἀρνητική. Ἀντιθέτως, ἡ νέα κυβέρνησις δηλώνει ἕτοιμη νὰ συζητήσῃ.

Ἐν τούτοις, εἰς τὰς ἀνατολικὰς πρωτευούσας ἐπικρατεῖ δυσπιστία. Ἡ Μόσχα καὶ ἡ Βαρσοβία ἐπιμένουν εἰς τοὺς τρεῖς ὅρους τοὺς ὁποίους ἔθεσαν: 1) Ἀναγνώρισις τῆς γραμμῆς Ὄντερ-Νάϊσσε ὡς δυτικῶν συνόρων τῆς Πολωνίας, 2) Ἀναγνώρισις τῆς ὑπάρξεως δύο γερμανικῶν κρατῶν, 3) Παραίτησις ἀπὸ πυρηνικὰ ὅπλα.

Ὑπάρχουν ὅμως καὶ ἐνδείξεις ὅτι ἡ Σοβιετικὴ Ἕνωσις ἐπιθυμεῖ νὰ ἐπωφεληθῇ τῆς νέας καταστάσεως διὰ νὰ ἐνισχύσῃ τὴν θέσιν της εἰς τὴν Εὐρώπην.

Τὸ πρόβλημα παραμένει ἀνοικτὸν καὶ αἱ ἐξελίξεις θὰ ἐξαρτηθοῦν ἀπὸ τὰς πρωτοβουλίας ἀμφοτέρων τῶν πλευρῶν. Πάντως, ἡ νέα γερμανικὴ πολιτικὴ ἀποτελεῖ θετικὸν βῆμα πρὸς τὴν κατεύθυνσιν τῆς εἰρήνης.

Κων. Π. Καλλιγᾶς
